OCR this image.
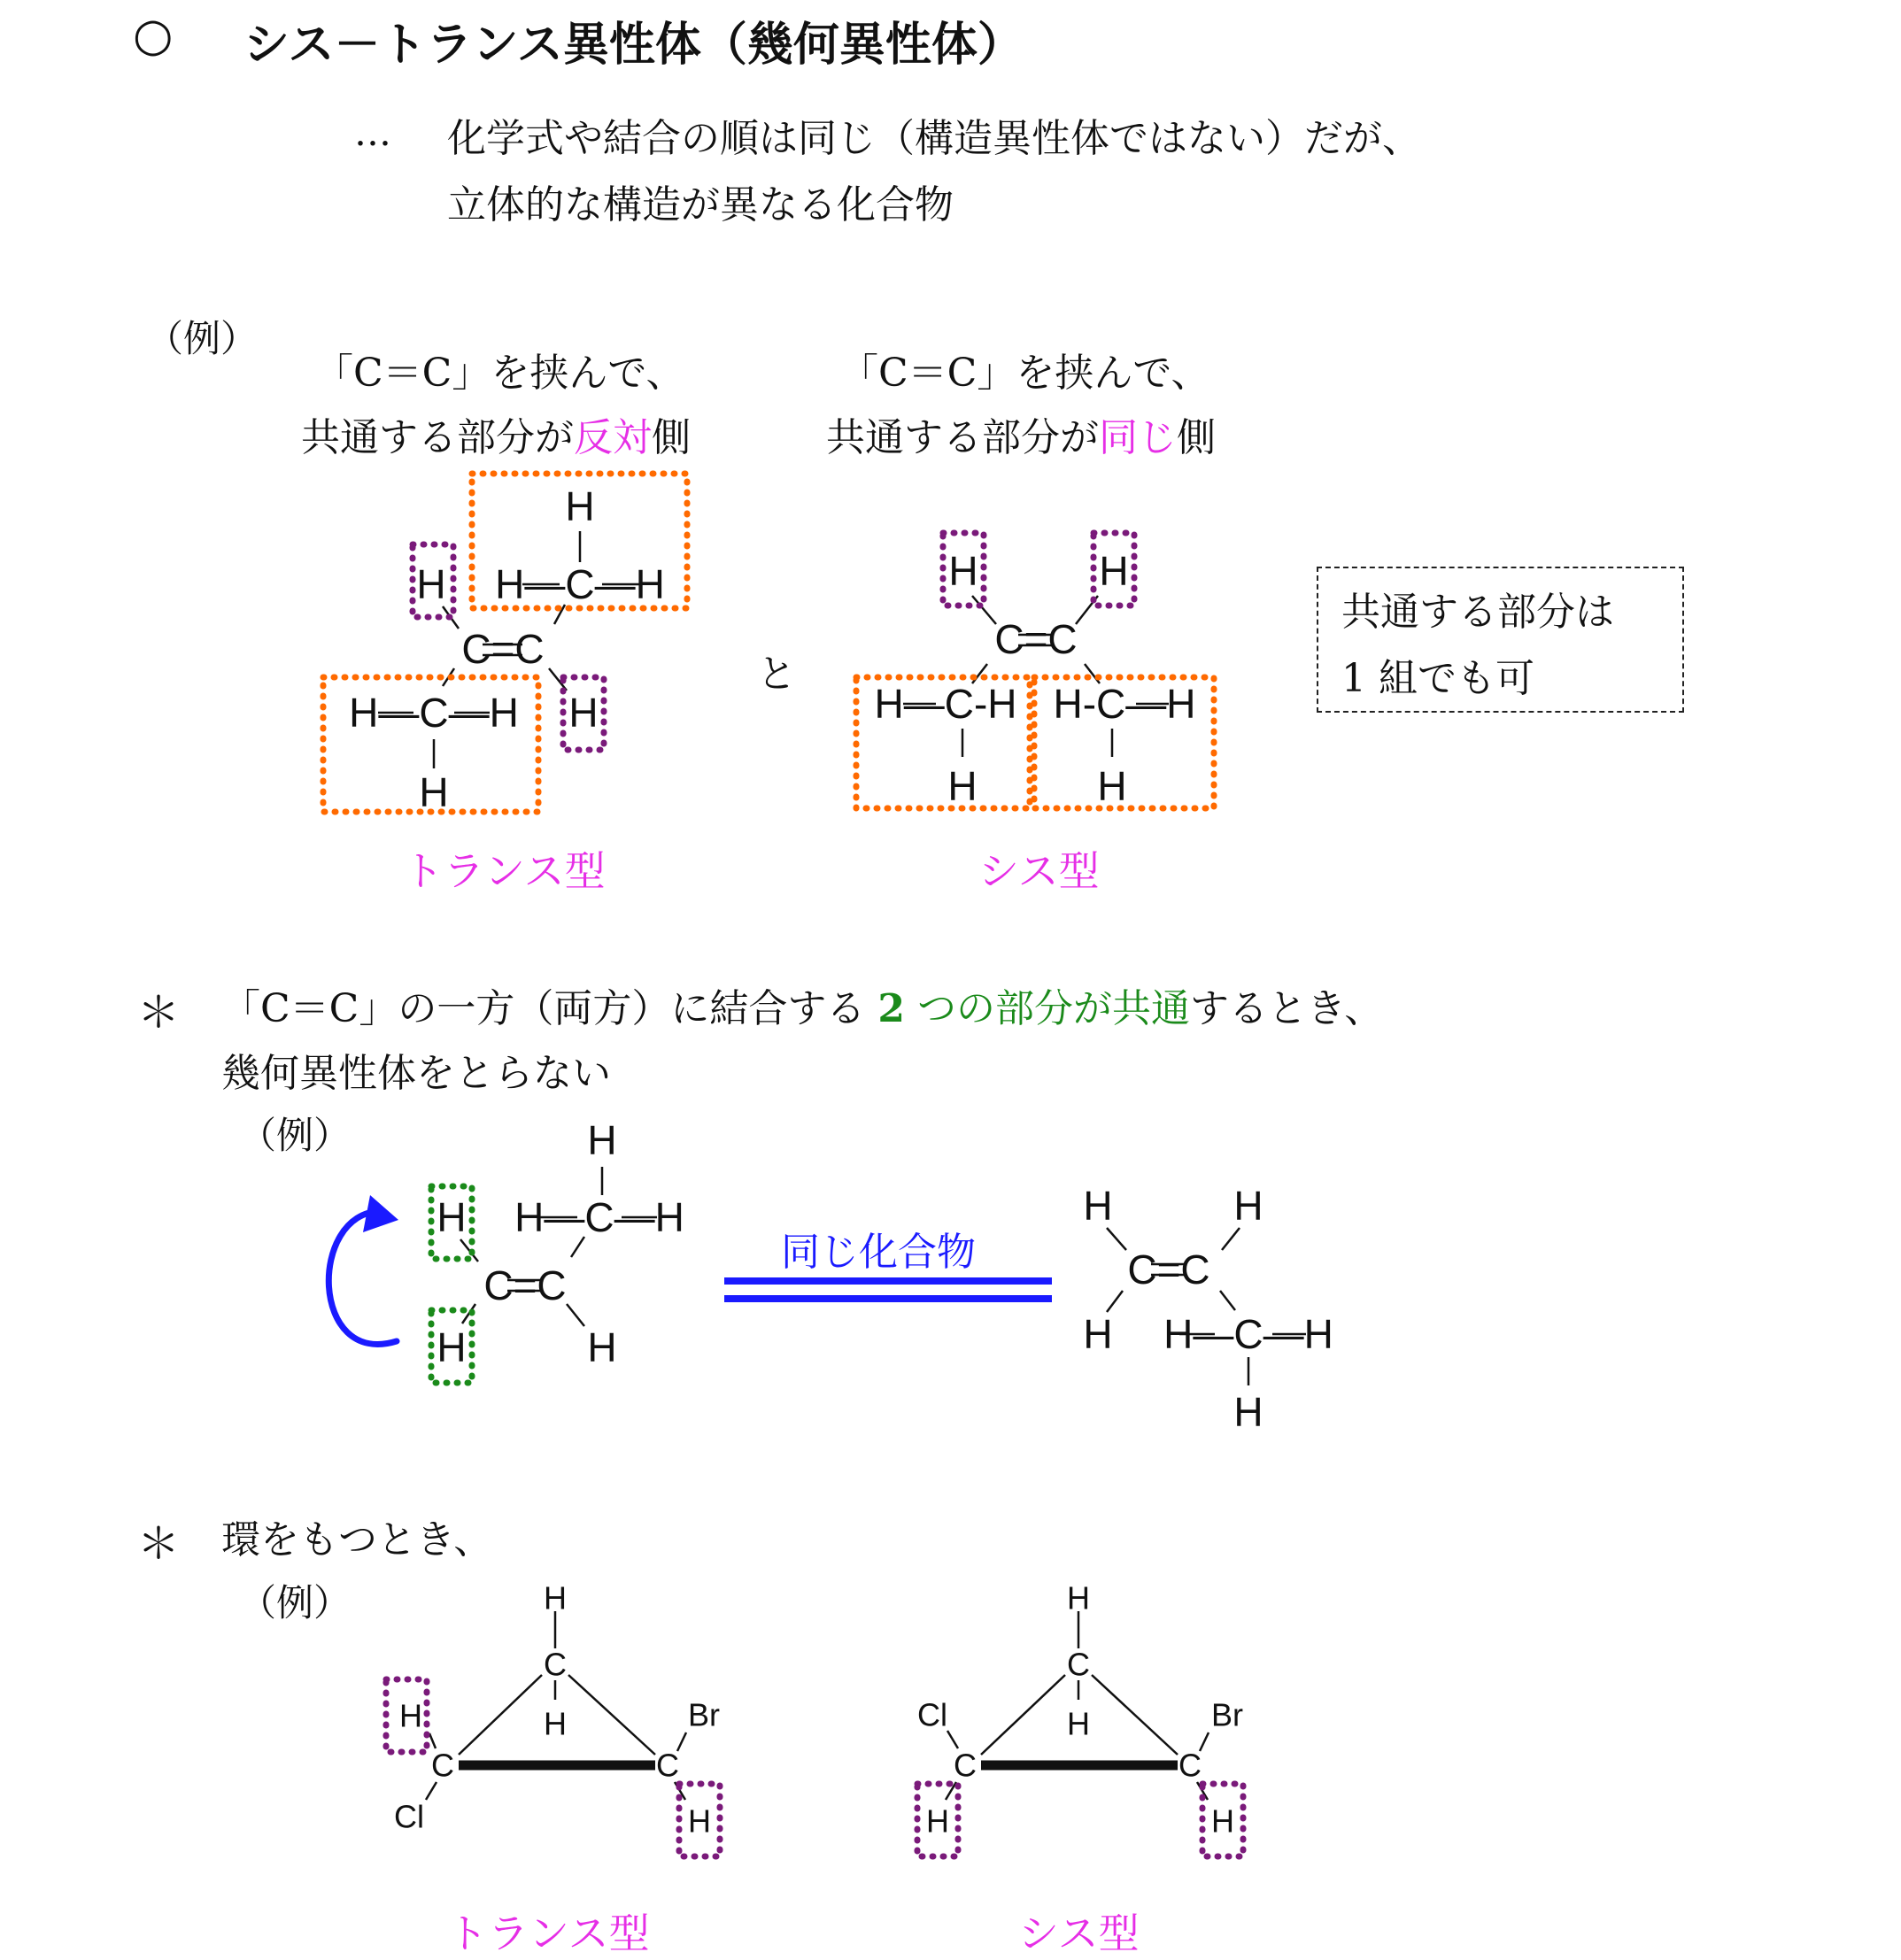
○ シス－トランス異性体（幾何異性体）
… 化学式や結合の順は同じ（構造異性体ではない）だが、
立体的な構造が異なる化合物
（例）
「C＝C」を挟んで、
共通する部分が反対側
「C＝C」を挟んで、
共通する部分が同じ側
と
トランス型	シス型
共通する部分は
1 組でも可
＊ 「C＝C」の一方（両方）に結合する 2 つの部分が共通するとき、
幾何異性体をとらない
（例）
同じ化合物
＊ 環をもつとき、
（例）
トランス型	シス型
H
H H—C—H
C=C
H—C—H H
H
H	H
C=C
H—C-H H-C—H
H	H
H
H H—C—H
C=C
H	H
H	H
C=C
H H—C—H
H
H
C
H
H
C
Cl
Br
C
H
H
C
H
Cl
C
H
Br
C
H
